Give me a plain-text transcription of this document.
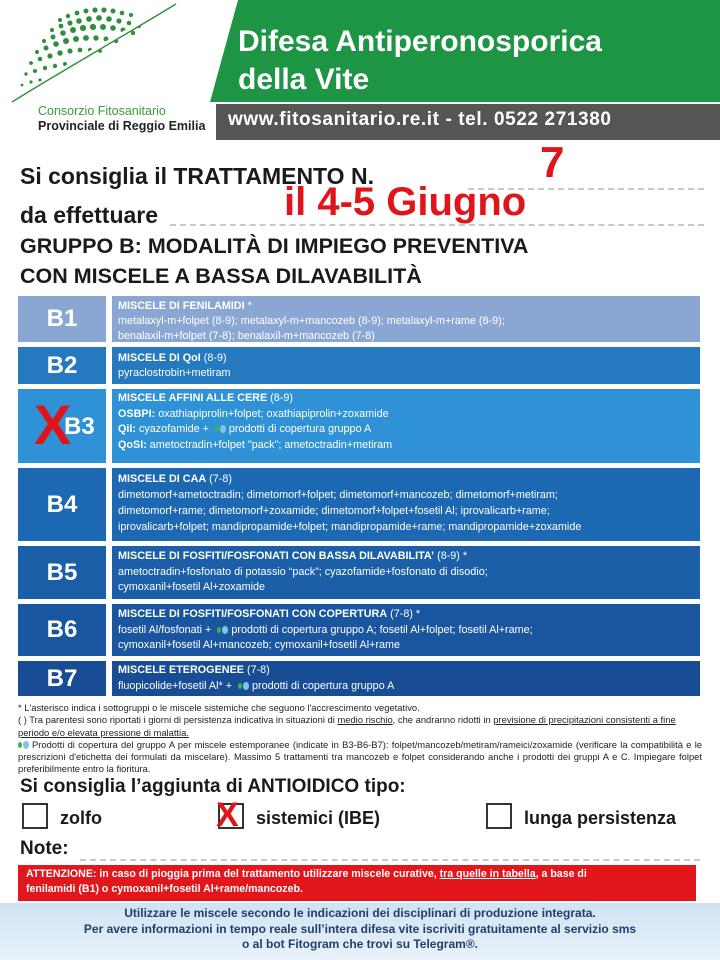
Consorzio Fitosanitario
Provinciale di Reggio Emilia
Difesa Antiperonosporica
della Vite
www.fitosanitario.re.it - tel. 0522 271380
Si consiglia il TRATTAMENTO N.	7
da effettuare	il 4-5 Giugno
GRUPPO B: MODALITÀ DI IMPIEGO PREVENTIVA
CON MISCELE A BASSA DILAVABILITÀ
B1	MISCELE DI FENILAMIDI *
metalaxyl-m+folpet (8-9); metalaxyl-m+mancozeb (8-9); metalaxyl-m+rame (8-9);
benalaxil-m+folpet (7-8); benalaxil-m+mancozeb (7-8)
B2	MISCELE DI QoI (8-9)
pyraclostrobin+metiram
B3
X	MISCELE AFFINI ALLE CERE (8-9)
OSBPI: oxathiapiprolin+folpet; oxathiapiprolin+zoxamide
QiI: cyazofamide + prodotti di copertura gruppo A
QoSI: ametoctradin+folpet "pack"; ametoctradin+metiram
B4
MISCELE DI CAA (7-8)
dimetomorf+ametoctradin; dimetomorf+folpet; dimetomorf+mancozeb; dimetomorf+metiram;
dimetomorf+rame; dimetomorf+zoxamide; dimetomorf+folpet+fosetil Al; iprovalicarb+rame;
iprovalicarb+folpet; mandipropamide+folpet; mandipropamide+rame; mandipropamide+zoxamide
B5
MISCELE DI FOSFITI/FOSFONATI CON BASSA DILAVABILITA’ (8-9) *
ametoctradin+fosfonato di potassio “pack”; cyazofamide+fosfonato di disodio;
cymoxanil+fosetil Al+zoxamide
B6
MISCELE DI FOSFITI/FOSFONATI CON COPERTURA (7-8) *
fosetil Al/fosfonati + prodotti di copertura gruppo A; fosetil Al+folpet; fosetil Al+rame;
cymoxanil+fosetil Al+mancozeb; cymoxanil+fosetil Al+rame
B7	MISCELE ETEROGENEE (7-8)
fluopicolide+fosetil Al* + prodotti di copertura gruppo A
* L'asterisco indica i sottogruppi o le miscele sistemiche che seguono l'accrescimento vegetativo.
( ) Tra parentesi sono riportati i giorni di persistenza indicativa in situazioni di medio rischio, che andranno ridotti in previsione di precipitazioni consistenti a fine periodo e/o elevata pressione di malattia.
Prodotti di copertura del gruppo A per miscele estemporanee (indicate in B3-B6-B7): folpet/mancozeb/metiram/rameici/zoxamide (verificare la compatibilità e le prescrizioni d'etichetta dei formulati da miscelare). Massimo 5 trattamenti tra mancozeb e folpet considerando anche i prodotti dei gruppi A e C. Impiegare folpet preferibilmente entro la fioritura.
Si consiglia l’aggiunta di ANTIOIDICO tipo:
zolfo	X sistemici (IBE)	lunga persistenza
Note:
ATTENZIONE: in caso di pioggia prima del trattamento utilizzare miscele curative, tra quelle in tabella, a base di
fenilamidi (B1) o cymoxanil+fosetil Al+rame/mancozeb.
Utilizzare le miscele secondo le indicazioni dei disciplinari di produzione integrata.
Per avere informazioni in tempo reale sull’intera difesa vite iscriviti gratuitamente al servizio sms
o al bot Fitogram che trovi su Telegram®.
